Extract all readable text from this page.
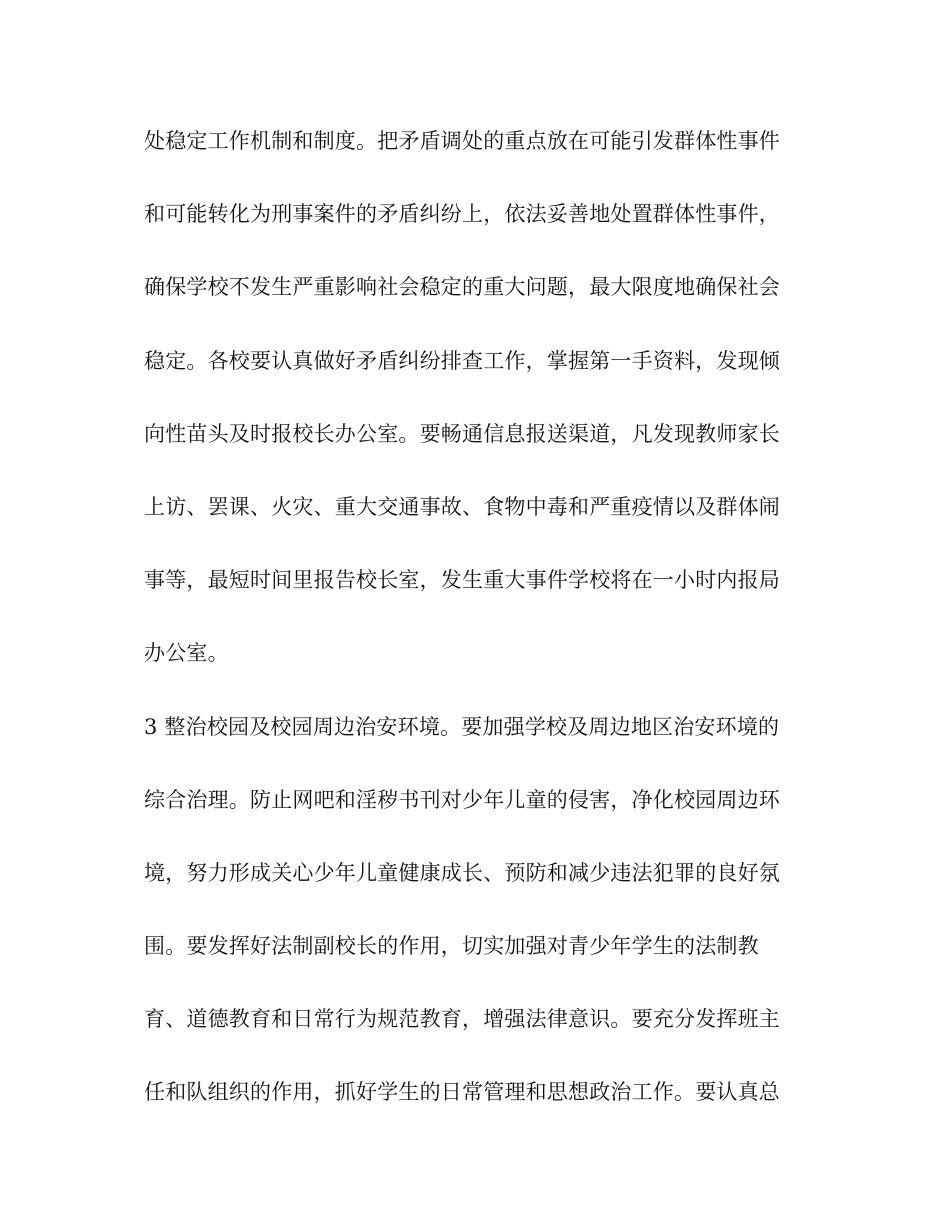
处稳定工作机制和制度。把矛盾调处的重点放在可能引发群体性事件
和可能转化为刑事案件的矛盾纠纷上，依法妥善地处置群体性事件，
确保学校不发生严重影响社会稳定的重大问题，最大限度地确保社会
稳定。各校要认真做好矛盾纠纷排查工作，掌握第一手资料，发现倾
向性苗头及时报校长办公室。要畅通信息报送渠道，凡发现教师家长
上访、罢课、火灾、重大交通事故、食物中毒和严重疫情以及群体闹
事等，最短时间里报告校长室，发生重大事件学校将在一小时内报局
办公室。
3 整治校园及校园周边治安环境。要加强学校及周边地区治安环境的
综合治理。防止网吧和淫秽书刊对少年儿童的侵害，净化校园周边环
境，努力形成关心少年儿童健康成长、预防和减少违法犯罪的良好氛
围。要发挥好法制副校长的作用，切实加强对青少年学生的法制教
育、道德教育和日常行为规范教育，增强法律意识。要充分发挥班主
任和队组织的作用，抓好学生的日常管理和思想政治工作。要认真总
